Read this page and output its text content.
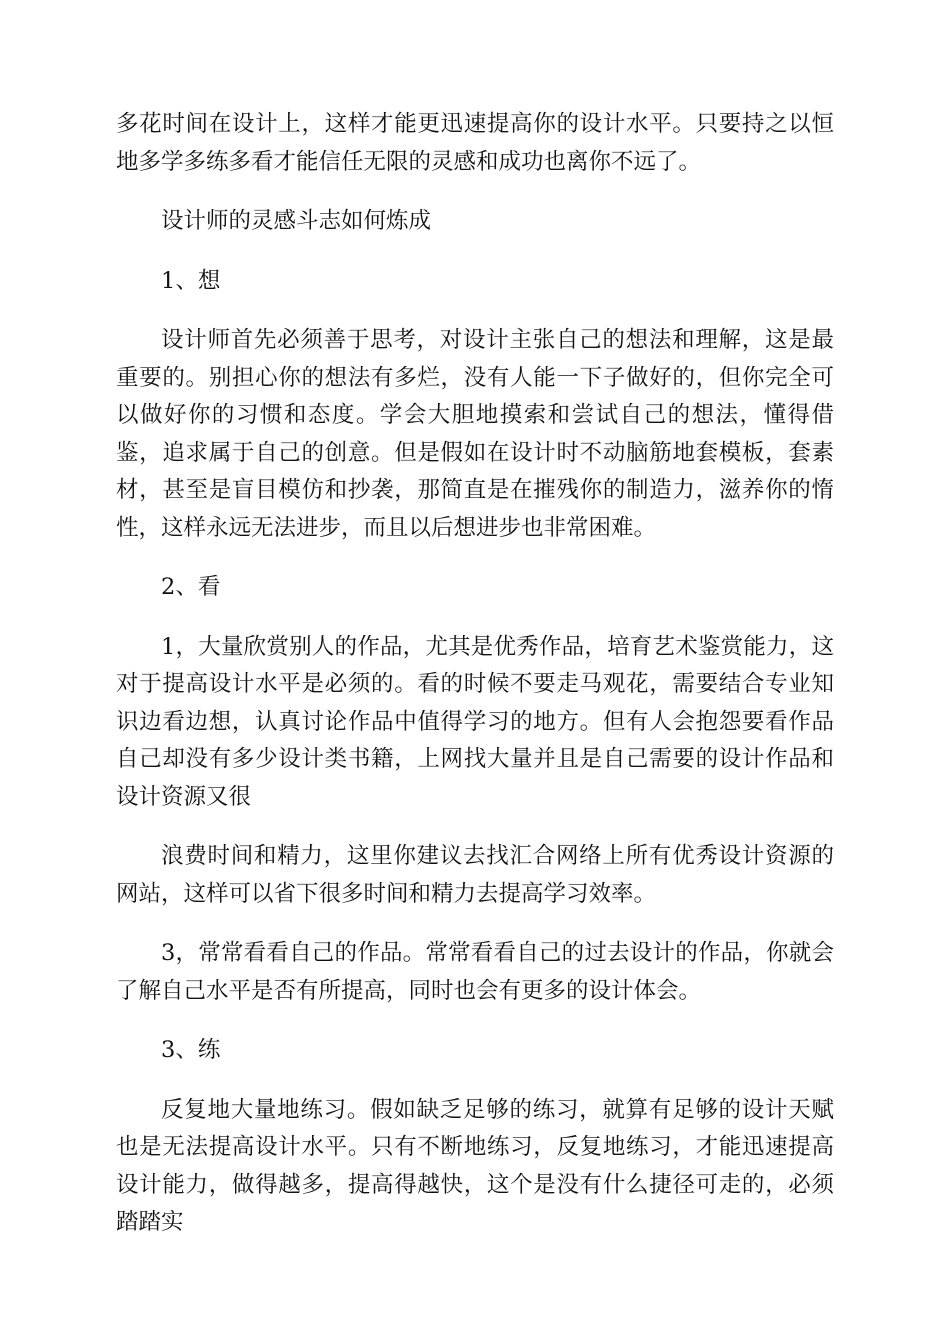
多花时间在设计上，这样才能更迅速提高你的设计水平。只要持之以恒地多学多练多看才能信任无限的灵感和成功也离你不远了。

设计师的灵感斗志如何炼成

1、想

设计师首先必须善于思考，对设计主张自己的想法和理解，这是最重要的。别担心你的想法有多烂，没有人能一下子做好的，但你完全可以做好你的习惯和态度。学会大胆地摸索和尝试自己的想法，懂得借鉴，追求属于自己的创意。但是假如在设计时不动脑筋地套模板，套素材，甚至是盲目模仿和抄袭，那简直是在摧残你的制造力，滋养你的惰性，这样永远无法进步，而且以后想进步也非常困难。

2、看

1，大量欣赏别人的作品，尤其是优秀作品，培育艺术鉴赏能力，这对于提高设计水平是必须的。看的时候不要走马观花，需要结合专业知识边看边想，认真讨论作品中值得学习的地方。但有人会抱怨要看作品自己却没有多少设计类书籍，上网找大量并且是自己需要的设计作品和设计资源又很

浪费时间和精力，这里你建议去找汇合网络上所有优秀设计资源的网站，这样可以省下很多时间和精力去提高学习效率。

3，常常看看自己的作品。常常看看自己的过去设计的作品，你就会了解自己水平是否有所提高，同时也会有更多的设计体会。

3、练

反复地大量地练习。假如缺乏足够的练习，就算有足够的设计天赋也是无法提高设计水平。只有不断地练习，反复地练习，才能迅速提高设计能力，做得越多，提高得越快，这个是没有什么捷径可走的，必须踏踏实
